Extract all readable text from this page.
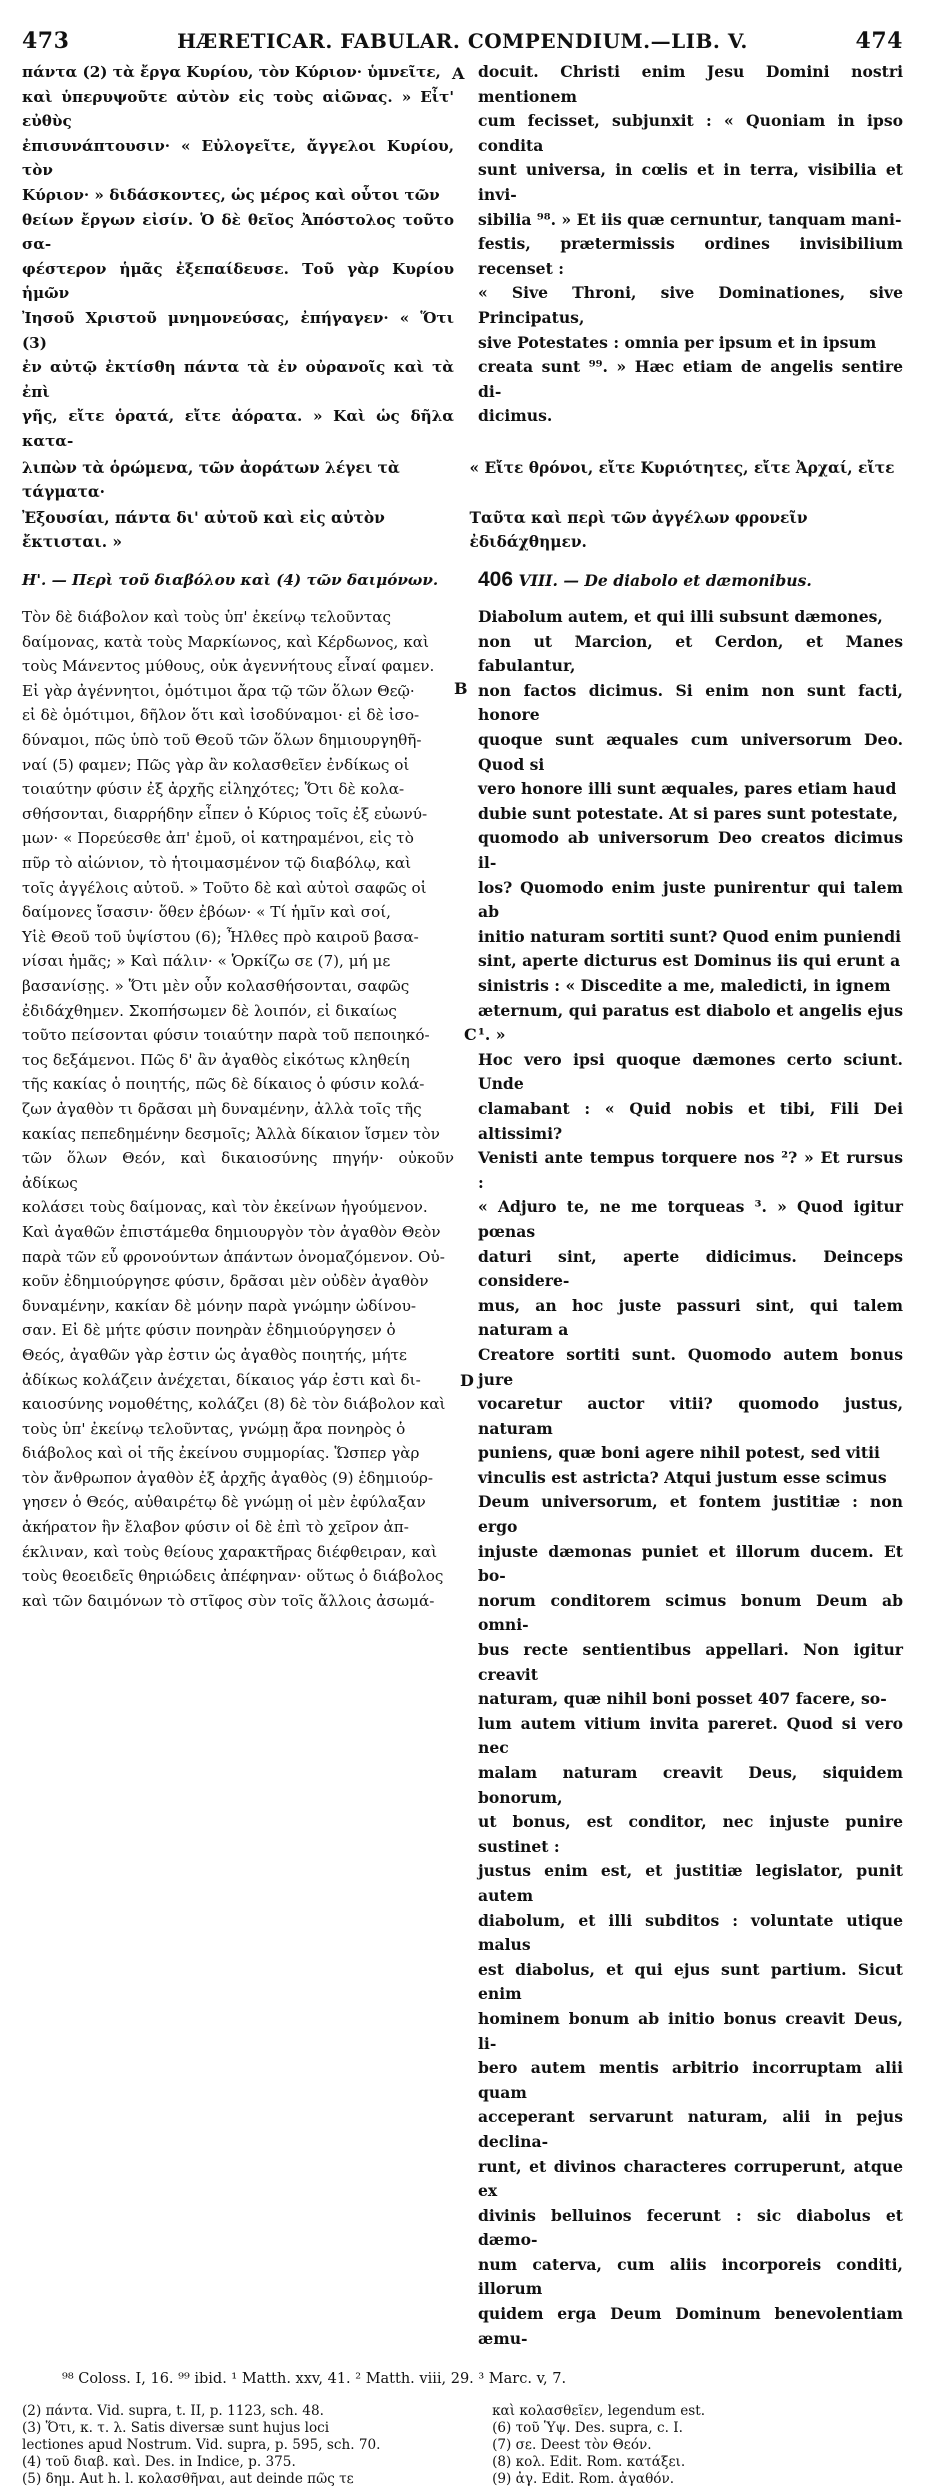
473	HÆRETICAR. FABULAR. COMPENDIUM.—LIB. V.	474
πάντα (2) τὰ ἔργα Κυρίου, τὸν Κύριον· ὑμνεῖτε,
καὶ ὑπερυψοῦτε αὐτὸν εἰς τοὺς αἰῶνας. » Εἶτ' εὐθὺς
ἐπισυνάπτουσιν· « Εὐλογεῖτε, ἄγγελοι Κυρίου, τὸν
Κύριον· » διδάσκοντες, ὡς μέρος καὶ οὗτοι τῶν
θείων ἔργων εἰσίν. Ὁ δὲ θεῖος Ἀπόστολος τοῦτο σα-
φέστερον ἡμᾶς ἐξεπαίδευσε. Τοῦ γὰρ Κυρίου ἡμῶν
Ἰησοῦ Χριστοῦ μνημονεύσας, ἐπήγαγεν· « Ὅτι (3)
ἐν αὐτῷ ἐκτίσθη πάντα τὰ ἐν οὐρανοῖς καὶ τὰ ἐπὶ
γῆς, εἴτε ὁρατά, εἴτε ἀόρατα. » Καὶ ὡς δῆλα κατα-
A docuit. Christi enim Jesu Domini nostri mentionem
cum fecisset, subjunxit : « Quoniam in ipso condita
sunt universa, in cœlis et in terra, visibilia et invi-
sibilia ⁹⁸. » Et iis quæ cernuntur, tanquam mani-
festis, prætermissis ordines invisibilium recenset :
« Sive Throni, sive Dominationes, sive Principatus,
sive Potestates : omnia per ipsum et in ipsum
creata sunt ⁹⁹. » Hæc etiam de angelis sentire di-
dicimus.
λιπὼν τὰ ὁρώμενα, τῶν ἀοράτων λέγει τὰ τάγματα·
« Εἴτε θρόνοι, εἴτε Κυριότητες, εἴτε Ἀρχαί, εἴτε
Ἐξουσίαι, πάντα δι' αὐτοῦ καὶ εἰς αὐτὸν ἔκτισται. »
Ταῦτα καὶ περὶ τῶν ἀγγέλων φρονεῖν ἐδιδάχθημεν.
Η'. — Περὶ τοῦ διαβόλου καὶ (4) τῶν δαιμόνων.	406 VIII. — De diabolo et dæmonibus.
Τὸν δὲ διάβολον καὶ τοὺς ὑπ' ἐκείνῳ τελοῦντας
δαίμονας, κατὰ τοὺς Μαρκίωνος, καὶ Κέρδωνος, καὶ
τοὺς Μάνεντος μύθους, οὐκ ἀγεννήτους εἶναί φαμεν.
Εἰ γὰρ ἀγέννητοι, ὁμότιμοι ἄρα τῷ τῶν ὅλων Θεῷ·
εἰ δὲ ὁμότιμοι, δῆλον ὅτι καὶ ἰσοδύναμοι· εἰ δὲ ἰσο-
δύναμοι, πῶς ὑπὸ τοῦ Θεοῦ τῶν ὅλων δημιουργηθῆ-
ναί (5) φαμεν; Πῶς γὰρ ἂν κολασθεῖεν ἐνδίκως οἱ
τοιαύτην φύσιν ἐξ ἀρχῆς εἰληχότες; Ὅτι δὲ κολα-
σθήσονται, διαρρήδην εἶπεν ὁ Κύριος τοῖς ἐξ εὐωνύ-
μων· « Πορεύεσθε ἀπ' ἐμοῦ, οἱ κατηραμένοι, εἰς τὸ
πῦρ τὸ αἰώνιον, τὸ ἡτοιμασμένον τῷ διαβόλῳ, καὶ
τοῖς ἀγγέλοις αὐτοῦ. » Τοῦτο δὲ καὶ αὐτοὶ σαφῶς οἱ
δαίμονες ἴσασιν· ὅθεν ἐβόων· « Τί ἡμῖν καὶ σοί,
Υἱὲ Θεοῦ τοῦ ὑψίστου (6); Ἦλθες πρὸ καιροῦ βασα-
νίσαι ἡμᾶς; » Καὶ πάλιν· « Ὁρκίζω σε (7), μή με
βασανίσῃς. » Ὅτι μὲν οὖν κολασθήσονται, σαφῶς
ἐδιδάχθημεν. Σκοπήσωμεν δὲ λοιπόν, εἰ δικαίως
τοῦτο πείσονται φύσιν τοιαύτην παρὰ τοῦ πεποιηκό-
τος δεξάμενοι. Πῶς δ' ἂν ἀγαθὸς εἰκότως κληθείη
τῆς κακίας ὁ ποιητής, πῶς δὲ δίκαιος ὁ φύσιν κολά-
ζων ἀγαθὸν τι δρᾶσαι μὴ δυναμένην, ἀλλὰ τοῖς τῆς
κακίας πεπεδημένην δεσμοῖς; Ἀλλὰ δίκαιον ἴσμεν τὸν
τῶν ὅλων Θεόν, καὶ δικαιοσύνης πηγήν· οὐκοῦν ἀδίκως
κολάσει τοὺς δαίμονας, καὶ τὸν ἐκείνων ἡγούμενον.
Καὶ ἀγαθῶν ἐπιστάμεθα δημιουργὸν τὸν ἀγαθὸν Θεὸν
παρὰ τῶν εὖ φρονούντων ἁπάντων ὀνομαζόμενον. Οὐ-
κοῦν ἐδημιούργησε φύσιν, δρᾶσαι μὲν οὐδὲν ἀγαθὸν
δυναμένην, κακίαν δὲ μόνην παρὰ γνώμην ὠδίνου-
σαν. Εἰ δὲ μήτε φύσιν πονηρὰν ἐδημιούργησεν ὁ
Θεός, ἀγαθῶν γὰρ ἐστιν ὡς ἀγαθὸς ποιητής, μήτε
ἀδίκως κολάζειν ἀνέχεται, δίκαιος γάρ ἐστι καὶ δι-
καιοσύνης νομοθέτης, κολάζει (8) δὲ τὸν διάβολον καὶ
τοὺς ὑπ' ἐκείνῳ τελοῦντας, γνώμῃ ἄρα πονηρὸς ὁ
διάβολος καὶ οἱ τῆς ἐκείνου συμμορίας. Ὥσπερ γὰρ
τὸν ἄνθρωπον ἀγαθὸν ἐξ ἀρχῆς ἀγαθὸς (9) ἐδημιούρ-
γησεν ὁ Θεός, αὐθαιρέτῳ δὲ γνώμῃ οἱ μὲν ἐφύλαξαν
ἀκήρατον ἣν ἔλαβον φύσιν οἱ δὲ ἐπὶ τὸ χεῖρον ἀπ-
έκλιναν, καὶ τοὺς θείους χαρακτῆρας διέφθειραν, καὶ
τοὺς θεοειδεῖς θηριώδεις ἀπέφηναν· οὕτως ὁ διάβολος
καὶ τῶν δαιμόνων τὸ στῖφος σὺν τοῖς ἄλλοις ἀσωμά-
Diabolum autem, et qui illi subsunt dæmones,
non ut Marcion, et Cerdon, et Manes fabulantur,
non factos dicimus. Si enim non sunt facti, honore
quoque sunt æquales cum universorum Deo. Quod si
vero honore illi sunt æquales, pares etiam haud
dubie sunt potestate. At si pares sunt potestate,
quomodo ab universorum Deo creatos dicimus il-
los? Quomodo enim juste punirentur qui talem ab
initio naturam sortiti sunt? Quod enim puniendi
sint, aperte dicturus est Dominus iis qui erunt a
sinistris : « Discedite a me, maledicti, in ignem
æternum, qui paratus est diabolo et angelis ejus ¹. »
Hoc vero ipsi quoque dæmones certo sciunt. Unde
clamabant : « Quid nobis et tibi, Fili Dei altissimi?
Venisti ante tempus torquere nos ²? » Et rursus :
« Adjuro te, ne me torqueas ³. » Quod igitur pœnas
daturi sint, aperte didicimus. Deinceps considere-
mus, an hoc juste passuri sint, qui talem naturam a
Creatore sortiti sunt. Quomodo autem bonus jure
vocaretur auctor vitii? quomodo justus, naturam
puniens, quæ boni agere nihil potest, sed vitii
vinculis est astricta? Atqui justum esse scimus
Deum universorum, et fontem justitiæ : non ergo
injuste dæmonas puniet et illorum ducem. Et bo-
norum conditorem scimus bonum Deum ab omni-
bus recte sentientibus appellari. Non igitur creavit
naturam, quæ nihil boni posset 407 facere, so-
lum autem vitium invita pareret. Quod si vero nec
malam naturam creavit Deus, siquidem bonorum,
ut bonus, est conditor, nec injuste punire sustinet :
justus enim est, et justitiæ legislator, punit autem
diabolum, et illi subditos : voluntate utique malus
est diabolus, et qui ejus sunt partium. Sicut enim
hominem bonum ab initio bonus creavit Deus, li-
bero autem mentis arbitrio incorruptam alii quam
acceperant servarunt naturam, alii in pejus declina-
runt, et divinos characteres corruperunt, atque ex
divinis belluinos fecerunt : sic diabolus et dæmo-
num caterva, cum aliis incorporeis conditi, illorum
quidem erga Deum Dominum benevolentiam æmu-
B
C
D
⁹⁸ Coloss. I, 16. ⁹⁹ ibid. ¹ Matth. xxv, 41. ² Matth. viii, 29. ³ Marc. v, 7.
(2) πάντα. Vid. supra, t. II, p. 1123, sch. 48.
(3) Ὅτι, κ. τ. λ. Satis diversæ sunt hujus loci
lectiones apud Nostrum. Vid. supra, p. 595, sch. 70.
(4) τοῦ διαβ. καὶ. Des. in Indice, p. 375.
(5) δημ. Aut h. l. κολασθῆναι, aut deinde πῶς τε
καὶ κολασθεῖεν, legendum est.
(6) τοῦ Ὑψ. Des. supra, c. I.
(7) σε. Deest τὸν Θεόν.
(8) κολ. Edit. Rom. κατάξει.
(9) ἀγ. Edit. Rom. ἀγαθόν.
